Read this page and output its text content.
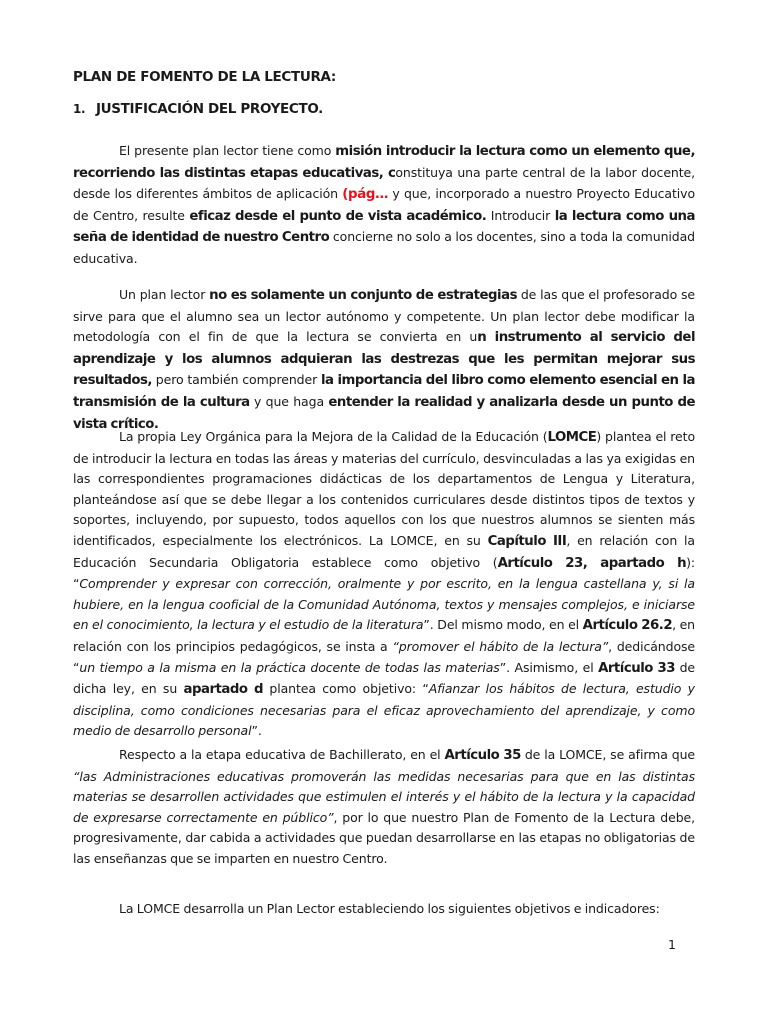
PLAN DE FOMENTO DE LA LECTURA:
1. JUSTIFICACIÓN DEL PROYECTO.

El presente plan lector tiene como misión introducir la lectura como un elemento que, recorriendo las distintas etapas educativas, constituya una parte central de la labor docente, desde los diferentes ámbitos de aplicación (pág… y que, incorporado a nuestro Proyecto Educativo de Centro, resulte eficaz desde el punto de vista académico. Introducir la lectura como una seña de identidad de nuestro Centro concierne no solo a los docentes, sino a toda la comunidad educativa.

Un plan lector no es solamente un conjunto de estrategias de las que el profesorado se sirve para que el alumno sea un lector autónomo y competente. Un plan lector debe modificar la metodología con el fin de que la lectura se convierta en un instrumento al servicio del aprendizaje y los alumnos adquieran las destrezas que les permitan mejorar sus resultados, pero también comprender la importancia del libro como elemento esencial en la transmisión de la cultura y que haga entender la realidad y analizarla desde un punto de vista crítico.

La propia Ley Orgánica para la Mejora de la Calidad de la Educación (LOMCE) plantea el reto de introducir la lectura en todas las áreas y materias del currículo, desvinculadas a las ya exigidas en las correspondientes programaciones didácticas de los departamentos de Lengua y Literatura, planteándose así que se debe llegar a los contenidos curriculares desde distintos tipos de textos y soportes, incluyendo, por supuesto, todos aquellos con los que nuestros alumnos se sienten más identificados, especialmente los electrónicos. La LOMCE, en su Capítulo III, en relación con la Educación Secundaria Obligatoria establece como objetivo (Artículo 23, apartado h): “Comprender y expresar con corrección, oralmente y por escrito, en la lengua castellana y, si la hubiere, en la lengua cooficial de la Comunidad Autónoma, textos y mensajes complejos, e iniciarse en el conocimiento, la lectura y el estudio de la literatura”. Del mismo modo, en el Artículo 26.2, en relación con los principios pedagógicos, se insta a “promover el hábito de la lectura”, dedicándose “un tiempo a la misma en la práctica docente de todas las materias”. Asimismo, el Artículo 33 de dicha ley, en su apartado d plantea como objetivo: “Afianzar los hábitos de lectura, estudio y disciplina, como condiciones necesarias para el eficaz aprovechamiento del aprendizaje, y como medio de desarrollo personal”.

Respecto a la etapa educativa de Bachillerato, en el Artículo 35 de la LOMCE, se afirma que “las Administraciones educativas promoverán las medidas necesarias para que en las distintas materias se desarrollen actividades que estimulen el interés y el hábito de la lectura y la capacidad de expresarse correctamente en público”, por lo que nuestro Plan de Fomento de la Lectura debe, progresivamente, dar cabida a actividades que puedan desarrollarse en las etapas no obligatorias de las enseñanzas que se imparten en nuestro Centro.

La LOMCE desarrolla un Plan Lector estableciendo los siguientes objetivos e indicadores:

1
